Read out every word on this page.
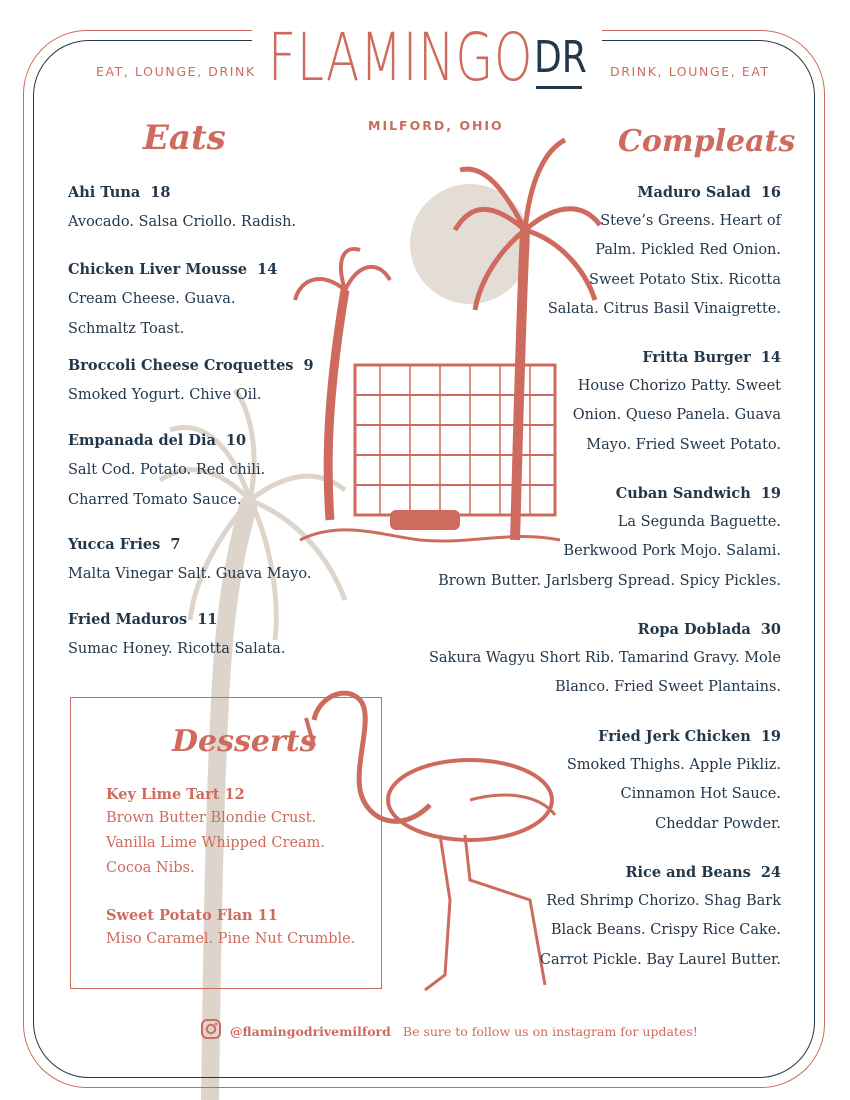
FLAMINGO DR
EAT, LOUNGE, DRINK	DRINK, LOUNGE, EAT
MILFORD, OHIO
Eats	Compleats
Ahi Tuna 18
Avocado. Salsa Criollo. Radish.
Chicken Liver Mousse 14
Cream Cheese. Guava.
Schmaltz Toast.
Broccoli Cheese Croquettes 9
Smoked Yogurt. Chive Oil.
Empanada del Dia 10
Salt Cod. Potato. Red chili.
Charred Tomato Sauce.
Yucca Fries 7
Malta Vinegar Salt. Guava Mayo.
Fried Maduros 11
Sumac Honey. Ricotta Salata.
Maduro Salad 16
Steve’s Greens. Heart of
Palm. Pickled Red Onion.
Sweet Potato Stix. Ricotta
Salata. Citrus Basil Vinaigrette.
Fritta Burger 14
House Chorizo Patty. Sweet
Onion. Queso Panela. Guava
Mayo. Fried Sweet Potato.
Cuban Sandwich 19
La Segunda Baguette.
Berkwood Pork Mojo. Salami.
Brown Butter. Jarlsberg Spread. Spicy Pickles.
Ropa Doblada 30
Sakura Wagyu Short Rib. Tamarind Gravy. Mole
Blanco. Fried Sweet Plantains.
Fried Jerk Chicken 19
Smoked Thighs. Apple Pikliz.
Cinnamon Hot Sauce.
Cheddar Powder.
Rice and Beans 24
Red Shrimp Chorizo. Shag Bark
Black Beans. Crispy Rice Cake.
Carrot Pickle. Bay Laurel Butter.
Desserts
Key Lime Tart 12
Brown Butter Blondie Crust.
Vanilla Lime Whipped Cream.
Cocoa Nibs.
Sweet Potato Flan 11
Miso Caramel. Pine Nut Crumble.
@flamingodrivemilford Be sure to follow us on instagram for updates!
